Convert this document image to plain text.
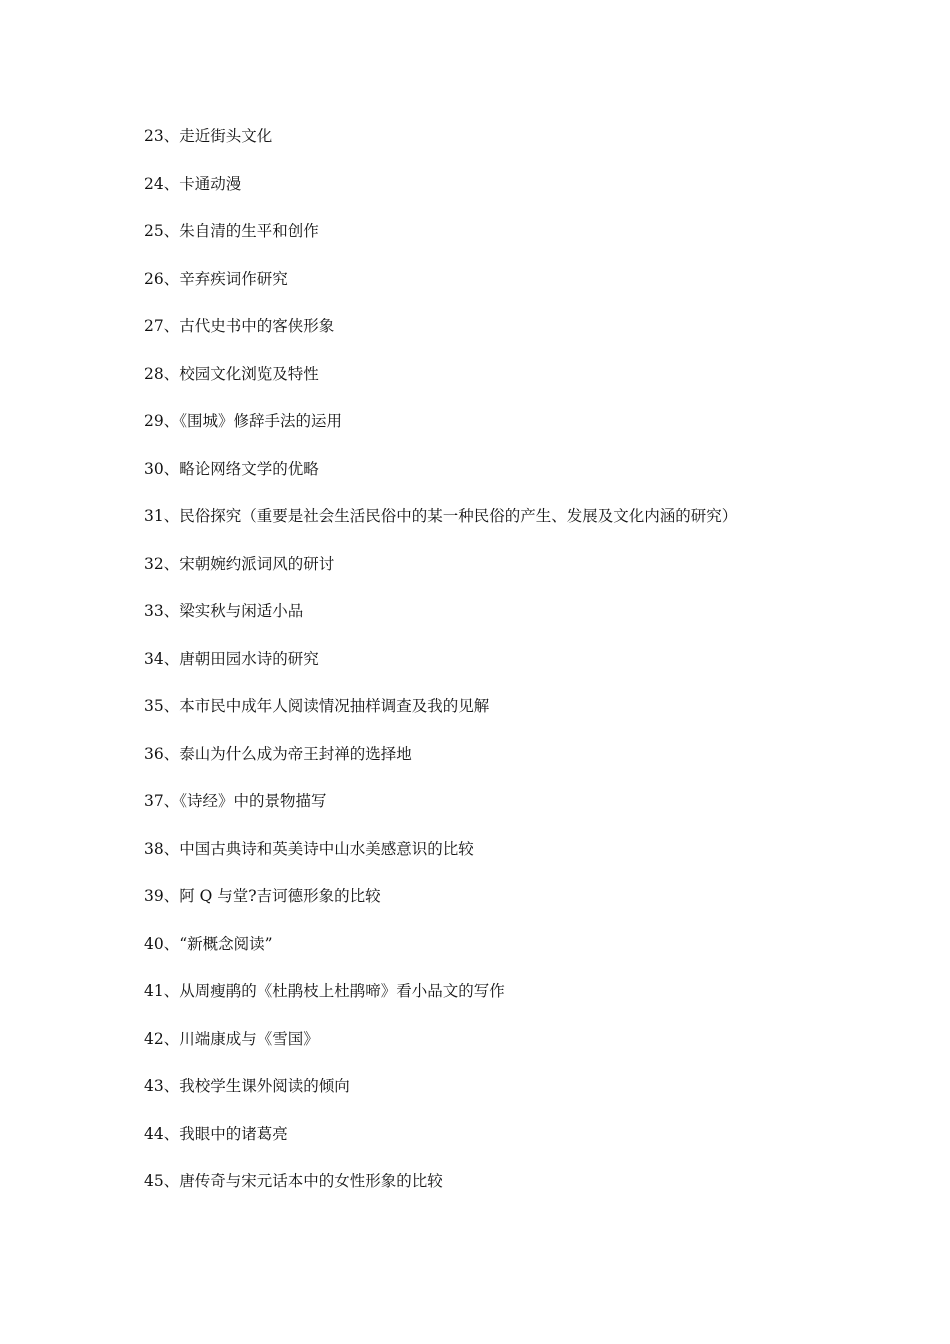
23、走近街头文化
24、卡通动漫
25、朱自清的生平和创作
26、辛弃疾词作研究
27、古代史书中的客侠形象
28、校园文化浏览及特性
29、《围城》修辞手法的运用
30、略论网络文学的优略
31、民俗探究（重要是社会生活民俗中的某一种民俗的产生、发展及文化内涵的研究）
32、宋朝婉约派词风的研讨
33、梁实秋与闲适小品
34、唐朝田园水诗的研究
35、本市民中成年人阅读情况抽样调查及我的见解
36、泰山为什么成为帝王封禅的选择地
37、《诗经》中的景物描写
38、中国古典诗和英美诗中山水美感意识的比较
39、阿 Q 与堂?吉诃德形象的比较
40、“新概念阅读”
41、从周瘦鹃的《杜鹃枝上杜鹃啼》看小品文的写作
42、川端康成与《雪国》
43、我校学生课外阅读的倾向
44、我眼中的诸葛亮
45、唐传奇与宋元话本中的女性形象的比较
